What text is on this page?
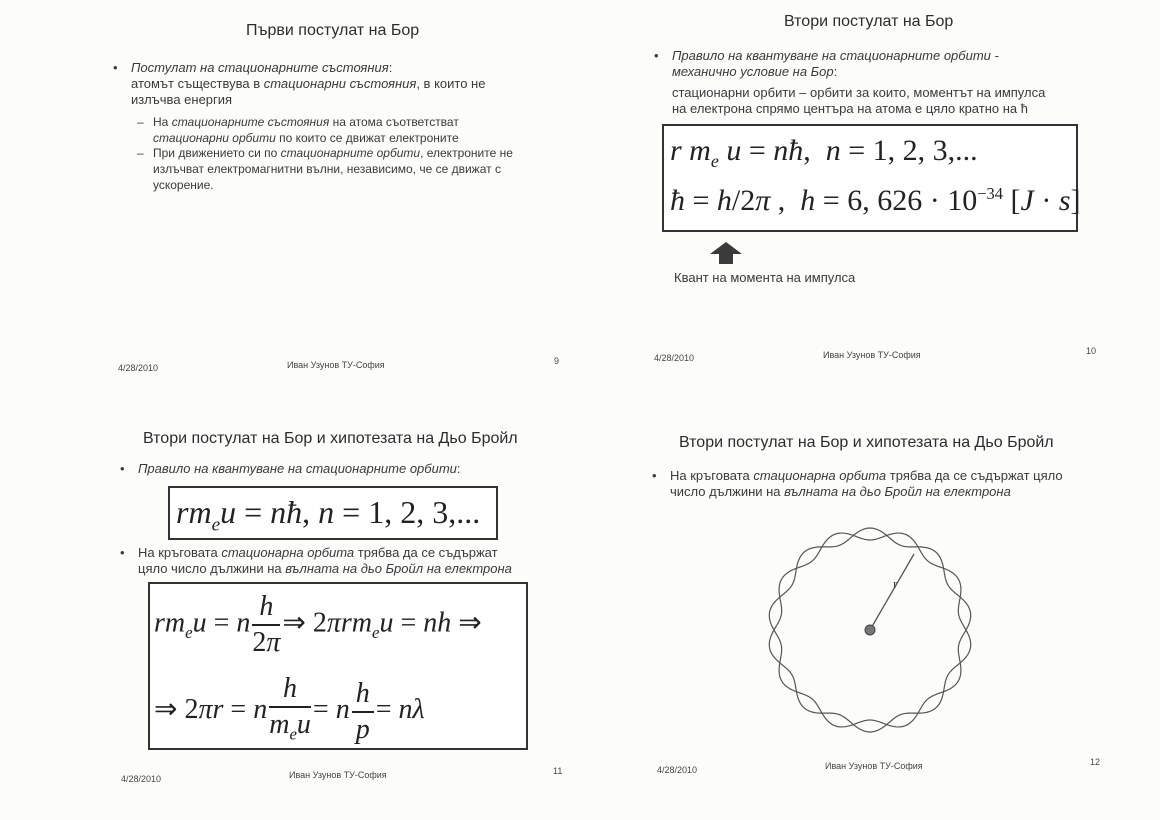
Първи постулат на Бор
• Постулат на стационарните състояния:
атомът съществува в стационарни състояния, в които не
излъчва енергия
– На стационарните състояния на атома съответстват
стационарни орбити по които се движат електроните
– При движението си по стационарните орбити, електроните не
излъчват електромагнитни вълни, независимо, че се движат с
ускорение.
4/28/2010	Иван Узунов ТУ-София	9
Втори постулат на Бор
• Правило на квантуване на стационарните орбити -
механично условие на Бор:
стационарни орбити – орбити за които, моментът на импулса
на електрона спрямо центъра на атома е цяло кратно на ħ
r $m_e$ u = nħ,  n = 1, 2, 3,...
ħ = h/2π ,  h = 6, $626 \cdot 10^{-34}$ [J · s]
Квант на момента на импулса
4/28/2010	Иван Узунов ТУ-София	10
Втори постулат на Бор и хипотезата на Дьо Бройл
• Правило на квантуване на стационарните орбити:
$rm_eu$ = nħ, n = 1, 2, 3,...
• На кръговата стационарна орбита трябва да се съдържат
цяло число дължини на вълната на дьо Бройл на електрона
$rm_eu = n \frac{h}{2\pi}$ ⇒ 2πrm$_e$u = nh ⇒
⇒ 2πr = n $\frac{h}{m_eu} = n \frac{h}{p} = n\lambda$
4/28/2010	Иван Узунов ТУ-София	11
Втори постулат на Бор и хипотезата на Дьо Бройл
• На кръговата стационарна орбита трябва да се съдържат цяло
число дължини на вълната на дьо Бройл на електрона
r
4/28/2010	Иван Узунов ТУ-София	12
